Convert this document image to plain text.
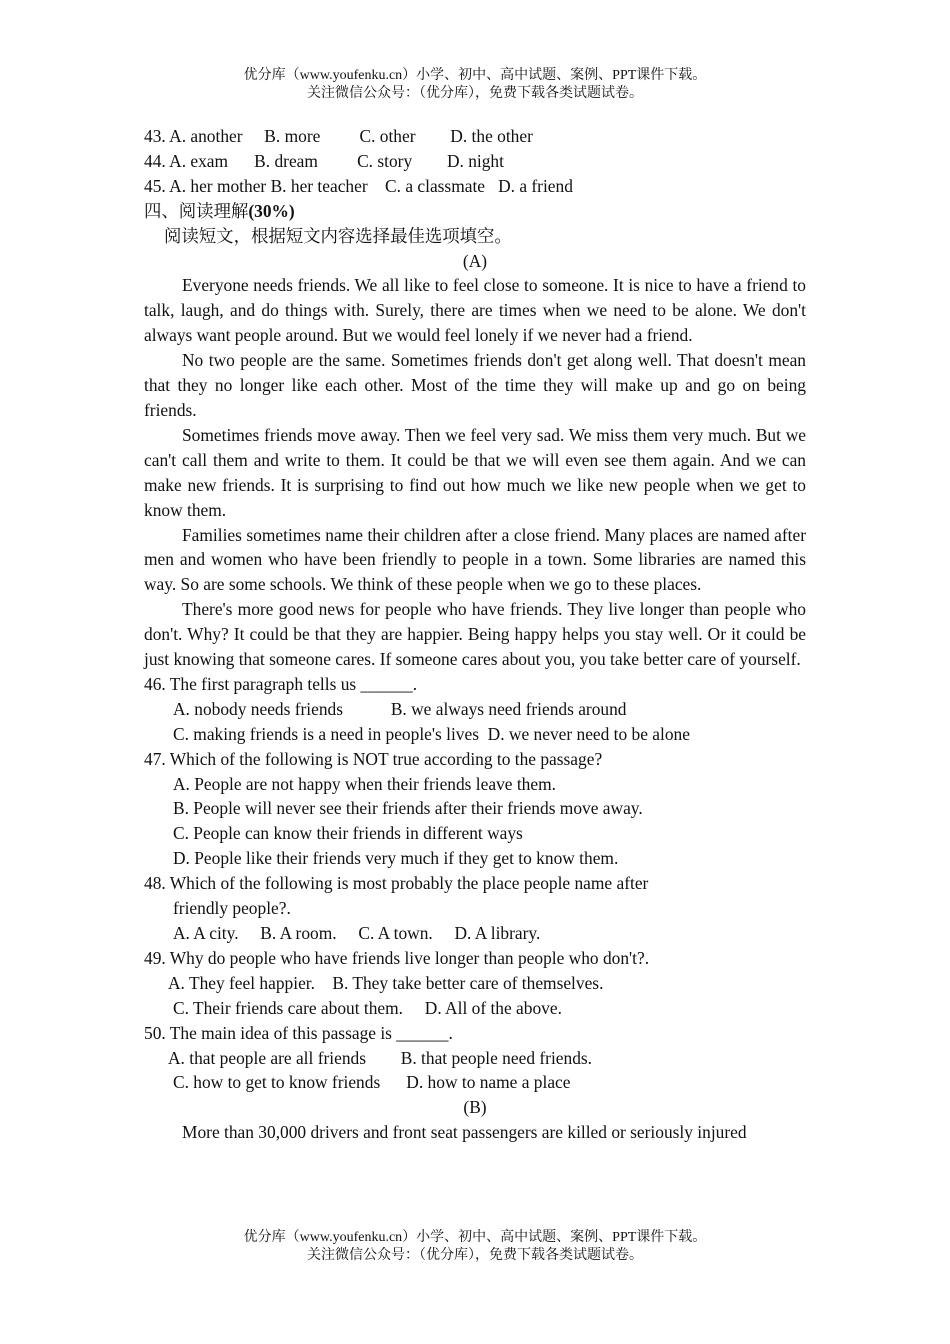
优分库（www.youfenku.cn）小学、初中、高中试题、案例、PPT课件下载。
关注微信公众号：（优分库），免费下载各类试题试卷。
43. A. another B. more C. other D. the other
44. A. exam B. dream C. story D. night
45. A. her mother B. her teacher C. a classmate D. a friend
四、阅读理解(30%)
阅读短文，根据短文内容选择最佳选项填空。
(A)
Everyone needs friends. We all like to feel close to someone. It is nice to have a friend to talk, laugh, and do things with. Surely, there are times when we need to be alone. We don't always want people around. But we would feel lonely if we never had a friend.
No two people are the same. Sometimes friends don't get along well. That doesn't mean that they no longer like each other. Most of the time they will make up and go on being friends.
Sometimes friends move away. Then we feel very sad. We miss them very much. But we can't call them and write to them. It could be that we will even see them again. And we can make new friends. It is surprising to find out how much we like new people when we get to know them.
Families sometimes name their children after a close friend. Many places are named after men and women who have been friendly to people in a town. Some libraries are named this way. So are some schools. We think of these people when we go to these places.
There's more good news for people who have friends. They live longer than people who don't. Why? It could be that they are happier. Being happy helps you stay well. Or it could be just knowing that someone cares. If someone cares about you, you take better care of yourself.
46. The first paragraph tells us ______.
A. nobody needs friends           B. we always need friends around
C. making friends is a need in people's lives  D. we never need to be alone
47. Which of the following is NOT true according to the passage?
A. People are not happy when their friends leave them.
B. People will never see their friends after their friends move away.
C. People can know their friends in different ways
D. People like their friends very much if they get to know them.
48. Which of the following is most probably the place people name after
friendly people?.
A. A city.     B. A room.     C. A town.     D. A library.
49. Why do people who have friends live longer than people who don't?.
A. They feel happier.    B. They take better care of themselves.
C. Their friends care about them.     D. All of the above.
50. The main idea of this passage is ______.
A. that people are all friends        B. that people need friends.
C. how to get to know friends      D. how to name a place
(B)
More than 30,000 drivers and front seat passengers are killed or seriously injured
优分库（www.youfenku.cn）小学、初中、高中试题、案例、PPT课件下载。
关注微信公众号：（优分库），免费下载各类试题试卷。
